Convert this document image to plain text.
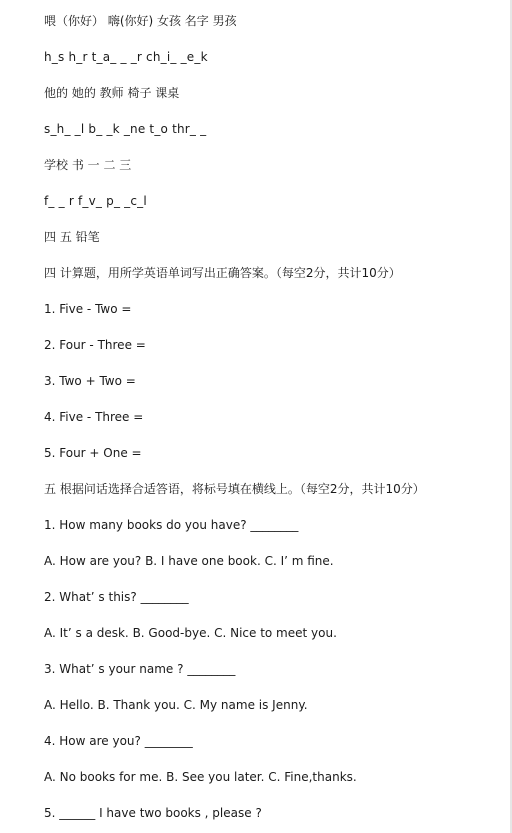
喂（你好） 嗨(你好) 女孩 名字 男孩
h_s h_r t_a_ _ _r ch_i_ _e_k
他的 她的 教师 椅子 课桌
s_h_ _l b_ _k _ne t_o thr_ _
学校 书 一 二 三
f_ _ r f_v_ p_ _c_l
四 五 铅笔
四 计算题，用所学英语单词写出正确答案。（每空2分，共计10分）
1. Five - Two =
2. Four - Three =
3. Two + Two =
4. Five - Three =
5. Four + One =
五 根据问话选择合适答语，将标号填在横线上。（每空2分，共计10分）
1. How many books do you have? ________
A. How are you? B. I have one book. C. I’ m fine.
2. What’ s this? ________
A. It’ s a desk. B. Good-bye. C. Nice to meet you.
3. What’ s your name ? ________
A. Hello. B. Thank you. C. My name is Jenny.
4. How are you? ________
A. No books for me. B. See you later. C. Fine,thanks.
5. ______ I have two books , please ?
